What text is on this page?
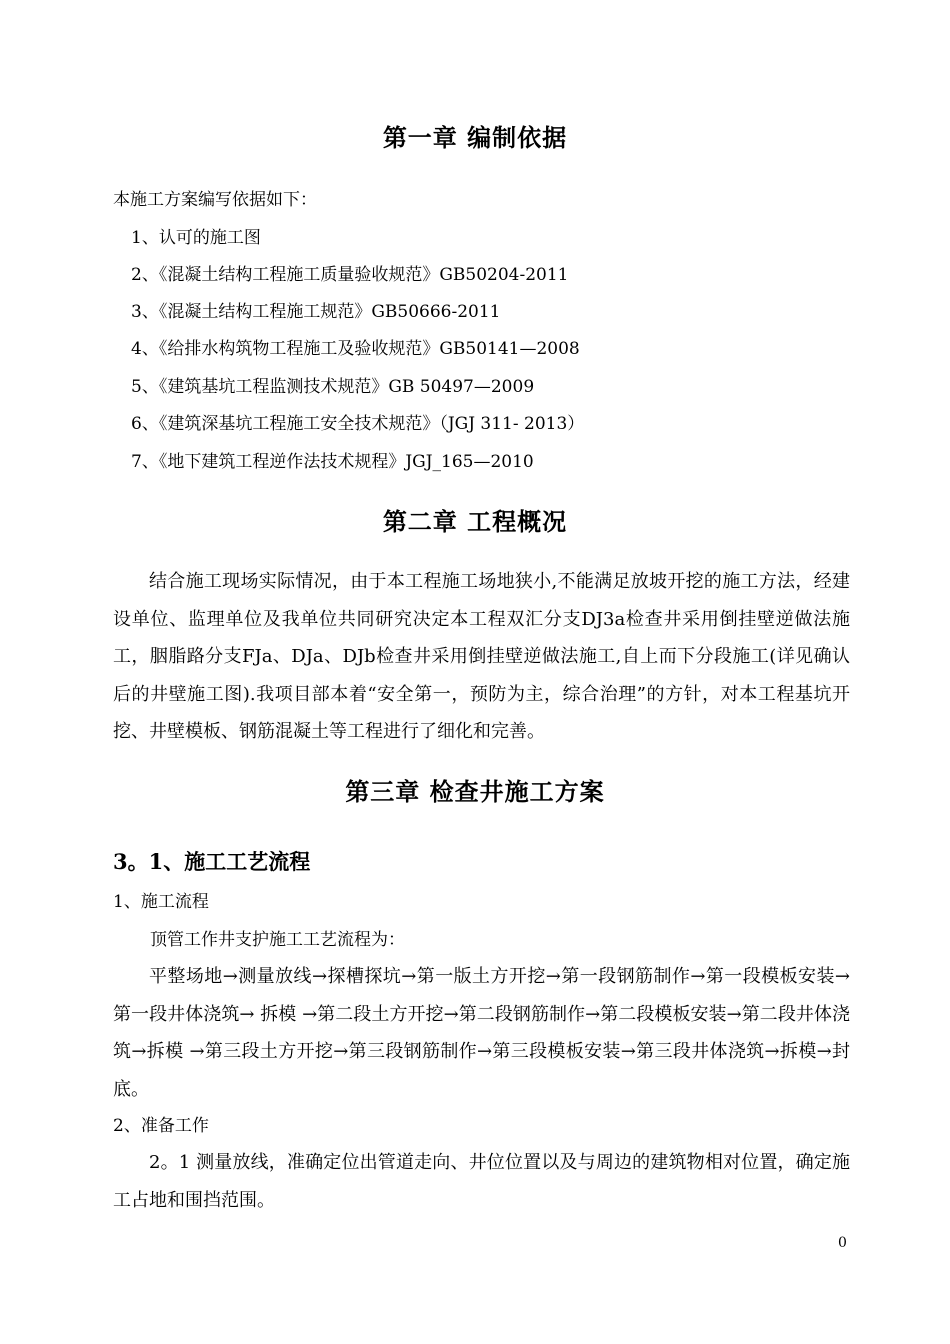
第一章 编制依据
本施工方案编写依据如下：
1、认可的施工图
2、《混凝土结构工程施工质量验收规范》GB50204-2011
3、《混凝土结构工程施工规范》GB50666-2011
4、《给排水构筑物工程施工及验收规范》GB50141—2008
5、《建筑基坑工程监测技术规范》GB 50497—2009
6、《建筑深基坑工程施工安全技术规范》（JGJ 311- 2013）
7、《地下建筑工程逆作法技术规程》JGJ_165—2010
第二章 工程概况
结合施工现场实际情况，由于本工程施工场地狭小,不能满足放坡开挖的施工方法，经建设单位、监理单位及我单位共同研究决定本工程双汇分支DJ3a检查井采用倒挂壁逆做法施工，胭脂路分支FJa、DJa、DJb检查井采用倒挂壁逆做法施工,自上而下分段施工(详见确认后的井壁施工图).我项目部本着“安全第一，预防为主，综合治理”的方针，对本工程基坑开挖、井壁模板、钢筋混凝土等工程进行了细化和完善。
第三章 检查井施工方案
3。1、施工工艺流程
1、施工流程
顶管工作井支护施工工艺流程为：
平整场地→测量放线→探槽探坑→第一版土方开挖→第一段钢筋制作→第一段模板安装→第一段井体浇筑→ 拆模 →第二段土方开挖→第二段钢筋制作→第二段模板安装→第二段井体浇筑→拆模 →第三段土方开挖→第三段钢筋制作→第三段模板安装→第三段井体浇筑→拆模→封底。
2、准备工作
2。1 测量放线，准确定位出管道走向、井位位置以及与周边的建筑物相对位置，确定施工占地和围挡范围。
0
